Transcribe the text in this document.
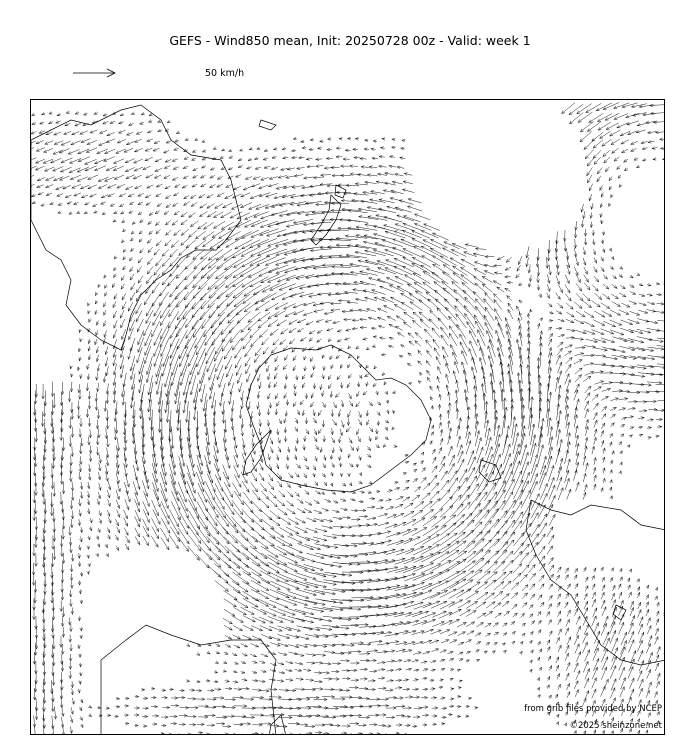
GEFS - Wind850 mean, Init: 20250728 00z - Valid: week 1
50 km/h
from grib files provided by NCEP
©2025 sheinzone.net
